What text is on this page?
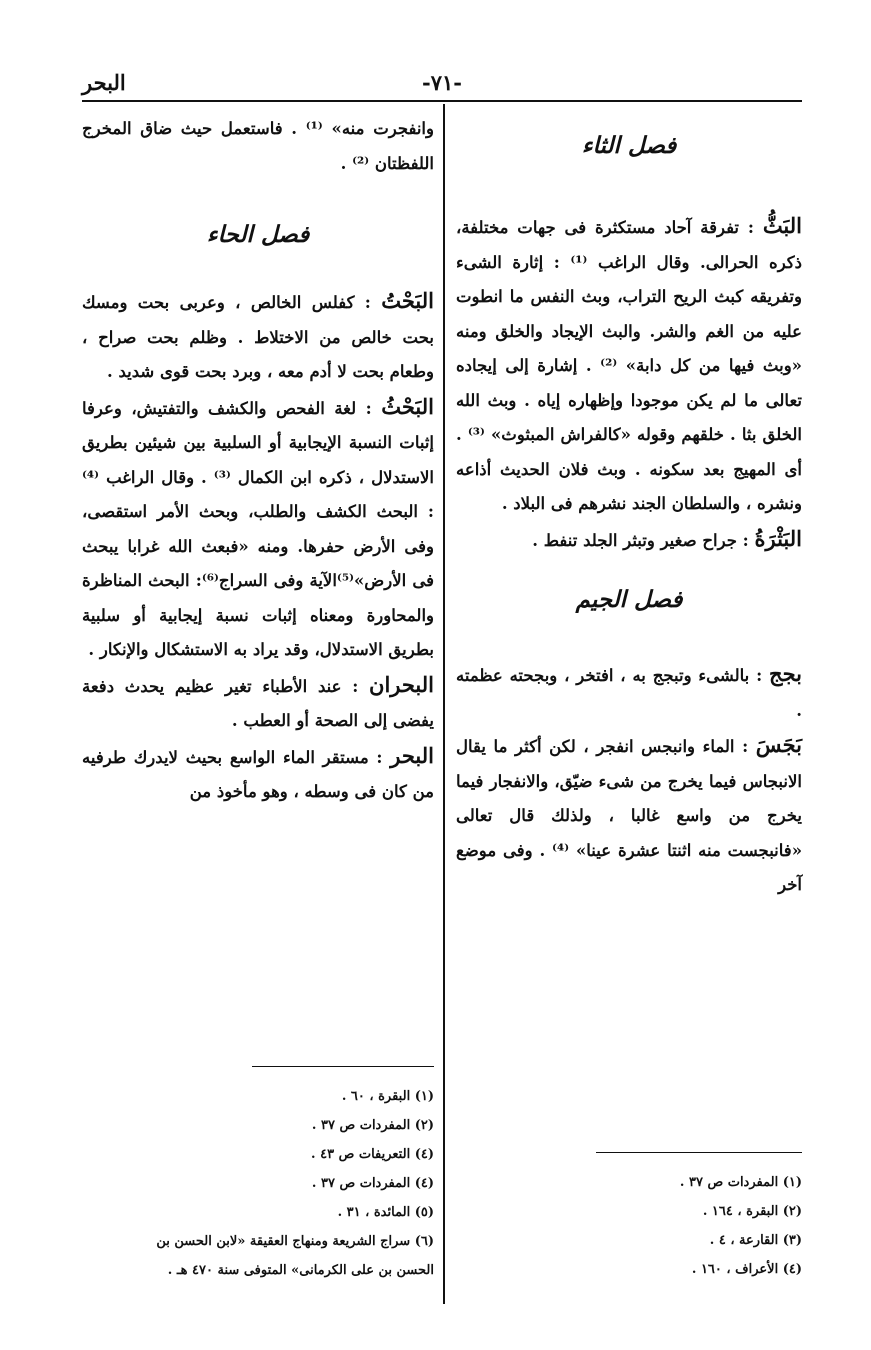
-٧١-
البحر

فصل الثاء

البَثُّ : تفرقة آحاد مستكثرة فى جهات مختلفة، ذكره الحرالى. وقال الراغب ⁽¹⁾ : إثارة الشىء وتفريقه كبث الريح التراب، وبث النفس ما انطوت عليه من الغم والشر. والبث الإيجاد والخلق ومنه «وبث فيها من كل دابة» ⁽²⁾ . إشارة إلى إيجاده تعالى ما لم يكن موجودا وإظهاره إياه . وبث الله الخلق بثا . خلقهم وقوله «كالفراش المبثوث» ⁽³⁾ . أى المهيج بعد سكونه . وبث فلان الحديث أذاعه ونشره ، والسلطان الجند نشرهم فى البلاد .

البَثْرَةُ : جراح صغير وتبثر الجلد تنفط .

فصل الجيم

بجج : بالشىء وتبجج به ، افتخر ، وبجحته عظمته .

بَجَسَ : الماء وانبجس انفجر ، لكن أكثر ما يقال الانبجاس فيما يخرج من شىء ضيّق، والانفجار فيما يخرج من واسع غالبا ، ولذلك قال تعالى «فانبجست منه اثنتا عشرة عينا» ⁽⁴⁾ . وفى موضع آخر

(١) المفردات ص ٣٧ .
(٢) البقرة ، ١٦٤ .
(٣) القارعة ، ٤ .
(٤) الأعراف ، ١٦٠ .

وانفجرت منه» ⁽¹⁾ . فاستعمل حيث ضاق المخرج اللفظتان ⁽²⁾ .

فصل الحاء

البَحْتُ : كفلس الخالص ، وعربى بحت ومسك بحت خالص من الاختلاط . وظلم بحت صراح ، وطعام بحت لا أدم معه ، وبرد بحت قوى شديد .

البَحْثُ : لغة الفحص والكشف والتفتيش، وعرفا إثبات النسبة الإيجابية أو السلبية بين شيئين بطريق الاستدلال ، ذكره ابن الكمال ⁽³⁾ . وقال الراغب ⁽⁴⁾ : البحث الكشف والطلب، وبحث الأمر استقصى، وفى الأرض حفرها. ومنه «فبعث الله غرابا يبحث فى الأرض»⁽⁵⁾الآية وفى السراج⁽⁶⁾: البحث المناظرة والمحاورة ومعناه إثبات نسبة إيجابية أو سلبية بطريق الاستدلال، وقد يراد به الاستشكال والإنكار .

البحران : عند الأطباء تغير عظيم يحدث دفعة يفضى إلى الصحة أو العطب .

البحر : مستقر الماء الواسع بحيث لايدرك طرفيه من كان فى وسطه ، وهو مأخوذ من

(١) البقرة ، ٦٠ .
(٢) المفردات ص ٣٧ .
(٤) التعريفات ص ٤٣ .
(٤) المفردات ص ٣٧ .
(٥) المائدة ، ٣١ .
(٦) سراج الشريعة ومنهاج العقيقة «لابن الحسن بن
الحسن بن على الكرمانى» المتوفى سنة ٤٧٠ هـ .
